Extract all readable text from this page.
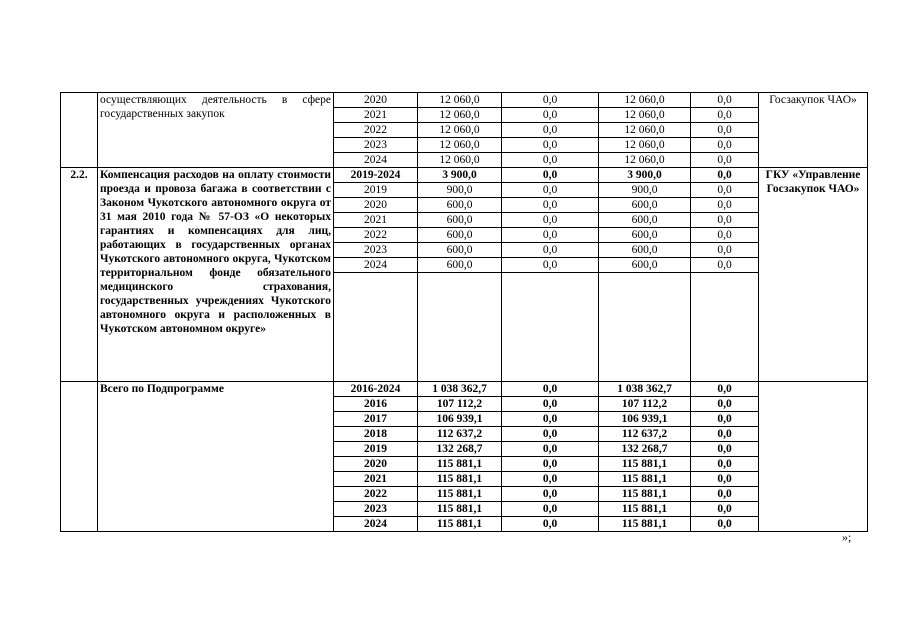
	осуществляющих деятельность в сфере государственных закупок	2020	12 060,0	0,0	12 060,0	0,0	Госзакупок ЧАО»
		2021	12 060,0	0,0	12 060,0	0,0	
		2022	12 060,0	0,0	12 060,0	0,0	
		2023	12 060,0	0,0	12 060,0	0,0	
		2024	12 060,0	0,0	12 060,0	0,0	
2.2.	Компенсация расходов на оплату стоимости проезда и провоза багажа в соответствии с Законом Чукотского автономного округа от 31 мая 2010 года № 57-ОЗ «О некоторых гарантиях и компенсациях для лиц, работающих в государственных органах Чукотского автономного округа, Чукотском территориальном фонде обязательного медицинского страхования, государственных учреждениях Чукотского автономного округа и расположенных в Чукотском автономном округе»	2019-2024	3 900,0	0,0	3 900,0	0,0	ГКУ «Управление Госзакупок ЧАО»
		2019	900,0	0,0	900,0	0,0	
		2020	600,0	0,0	600,0	0,0	
		2021	600,0	0,0	600,0	0,0	
		2022	600,0	0,0	600,0	0,0	
		2023	600,0	0,0	600,0	0,0	
		2024	600,0	0,0	600,0	0,0	

	Всего по Подпрограмме	2016-2024	1 038 362,7	0,0	1 038 362,7	0,0	
		2016	107 112,2	0,0	107 112,2	0,0	
		2017	106 939,1	0,0	106 939,1	0,0	
		2018	112 637,2	0,0	112 637,2	0,0	
		2019	132 268,7	0,0	132 268,7	0,0	
		2020	115 881,1	0,0	115 881,1	0,0	
		2021	115 881,1	0,0	115 881,1	0,0	
		2022	115 881,1	0,0	115 881,1	0,0	
		2023	115 881,1	0,0	115 881,1	0,0	
		2024	115 881,1	0,0	115 881,1	0,0	
»;
